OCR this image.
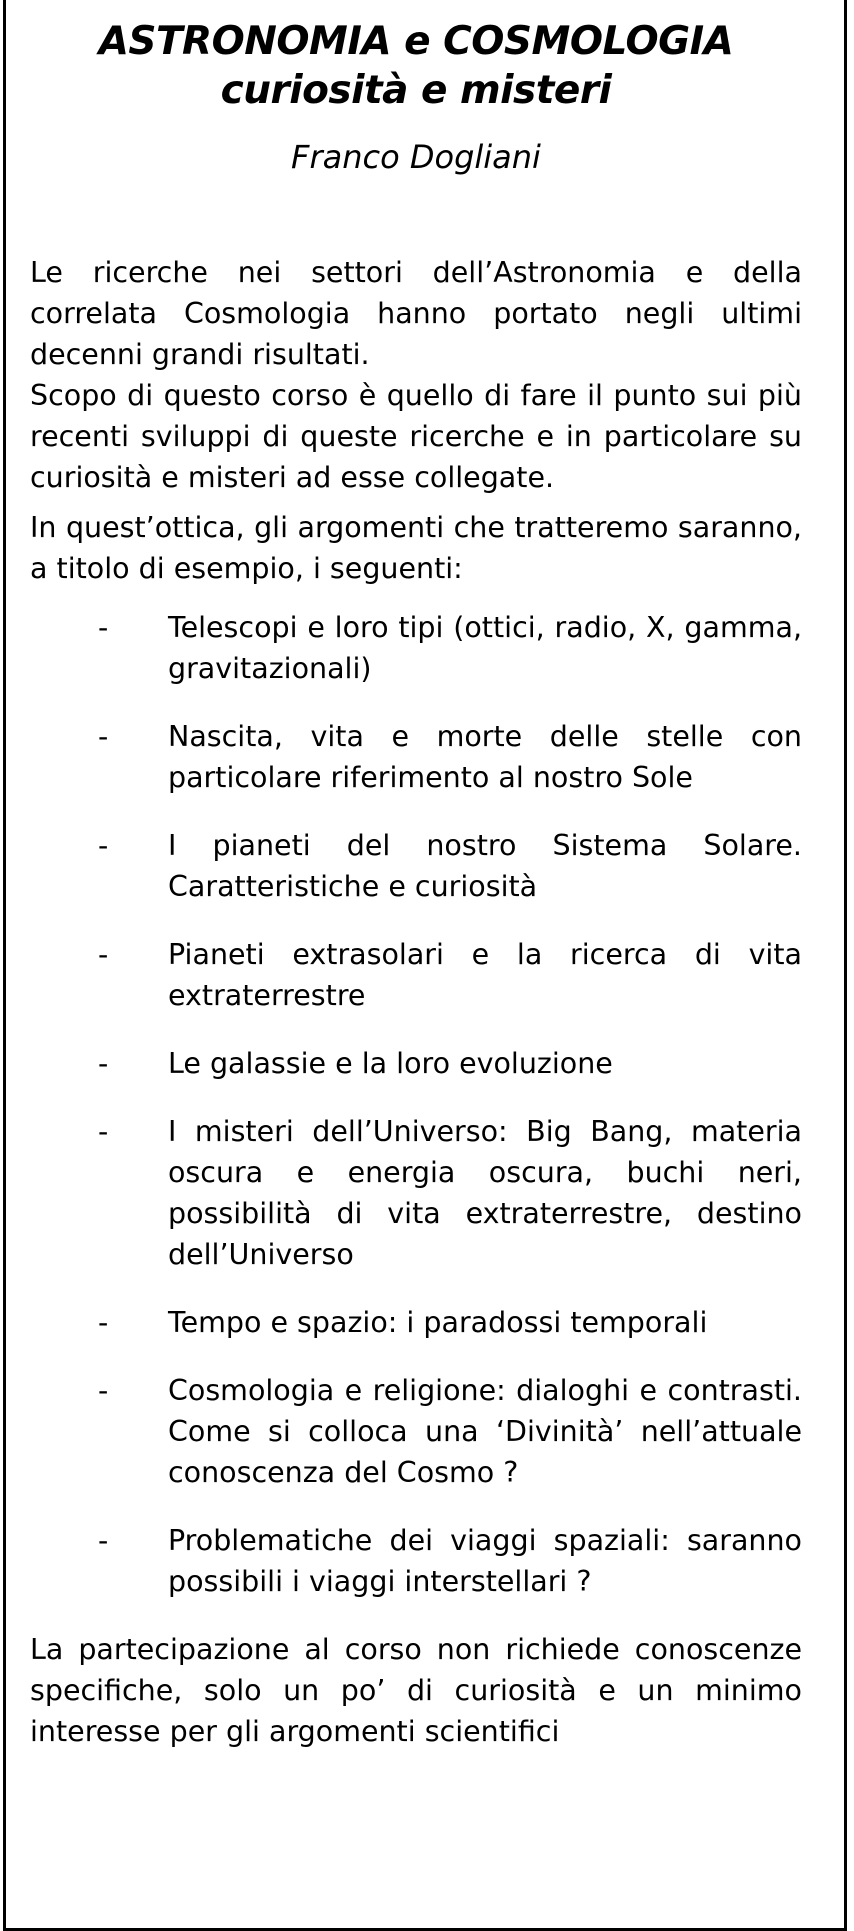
ASTRONOMIA e COSMOLOGIA
curiosità e misteri
Franco Dogliani

Le ricerche nei settori dell’Astronomia e della correlata Cosmologia hanno portato negli ultimi decenni grandi risultati.
Scopo di questo corso è quello di fare il punto sui più recenti sviluppi di queste ricerche e in particolare su curiosità e misteri ad esse collegate.

In quest’ottica, gli argomenti che tratteremo saranno, a titolo di esempio, i seguenti:

- Telescopi e loro tipi (ottici, radio, X, gamma, gravitazionali)
- Nascita, vita e morte delle stelle con particolare riferimento al nostro Sole
- I pianeti del nostro Sistema Solare. Caratteristiche e curiosità
- Pianeti extrasolari e la ricerca di vita extraterrestre
- Le galassie e la loro evoluzione
- I misteri dell’Universo: Big Bang, materia oscura e energia oscura, buchi neri, possibilità di vita extraterrestre, destino dell’Universo
- Tempo e spazio: i paradossi temporali
- Cosmologia e religione: dialoghi e contrasti. Come si colloca una ‘Divinità’ nell’attuale conoscenza del Cosmo ?
- Problematiche dei viaggi spaziali: saranno possibili i viaggi interstellari ?

La partecipazione al corso non richiede conoscenze specifiche, solo un po’ di curiosità e un minimo interesse per gli argomenti scientifici
